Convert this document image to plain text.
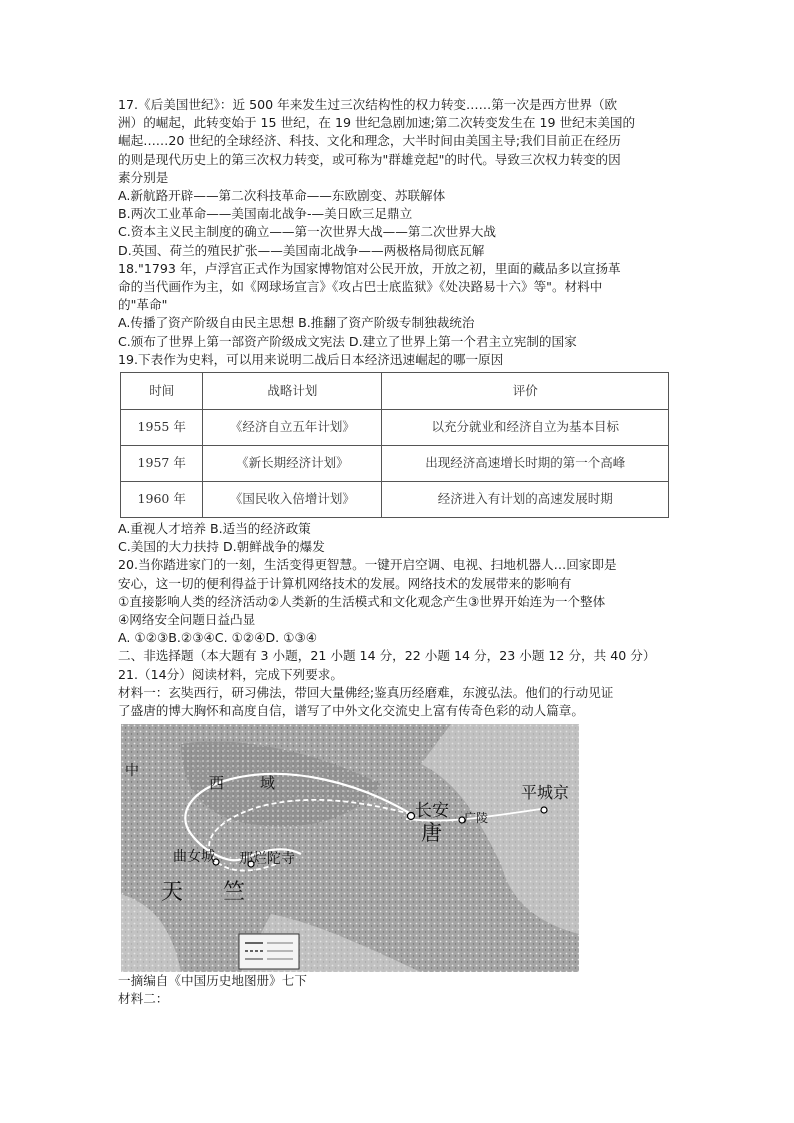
17.《后美国世纪》：近 500 年来发生过三次结构性的权力转变……第一次是西方世界（欧
洲）的崛起，此转变始于 15 世纪，在 19 世纪急剧加速;第二次转变发生在 19 世纪末美国的
崛起……20 世纪的全球经济、科技、文化和理念，大半时间由美国主导;我们目前正在经历
的则是现代历史上的第三次权力转变，或可称为"群雄竞起"的时代。导致三次权力转变的因
素分别是
A.新航路开辟——第二次科技革命——东欧剧变、苏联解体
B.两次工业革命——美国南北战争-—美日欧三足鼎立
C.资本主义民主制度的确立——第一次世界大战——第二次世界大战
D.英国、荷兰的殖民扩张——美国南北战争——两极格局彻底瓦解
18."1793 年，卢浮宫正式作为国家博物馆对公民开放，开放之初，里面的藏品多以宣扬革
命的当代画作为主，如《网球场宣言》《攻占巴士底监狱》《处决路易十六》等"。材料中
的"革命"
A.传播了资产阶级自由民主思想 B.推翻了资产阶级专制独裁统治
C.颁布了世界上第一部资产阶级成文宪法 D.建立了世界上第一个君主立宪制的国家
19.下表作为史料，可以用来说明二战后日本经济迅速崛起的哪一原因
时间	战略计划	评价
1955 年	《经济自立五年计划》	以充分就业和经济自立为基本目标
1957 年	《新长期经济计划》	出现经济高速增长时期的第一个高峰
1960 年	《国民收入倍增计划》	经济进入有计划的高速发展时期
A.重视人才培养 B.适当的经济政策
C.美国的大力扶持 D.朝鲜战争的爆发
20.当你踏进家门的一刻，生活变得更智慧。一键开启空调、电视、扫地机器人…回家即是
安心，这一切的便利得益于计算机网络技术的发展。网络技术的发展带来的影响有
①直接影响人类的经济活动②人类新的生活模式和文化观念产生③世界开始连为一个整体
④网络安全问题日益凸显
A. ①②③B.②③④C. ①②④D. ①③④
二、非选择题（本大题有 3 小题，21 小题 14 分，22 小题 14 分，23 小题 12 分，共 40 分）
21.（14分）阅读材料，完成下列要求。
材料一：玄奘西行，研习佛法，带回大量佛经;鉴真历经磨难，东渡弘法。他们的行动见证
了盛唐的博大胸怀和高度自信，谱写了中外文化交流史上富有传奇色彩的动人篇章。
中
西域
长安
唐
广陵
平城京
曲女城 那烂陀寺
天竺
一摘编自《中国历史地图册》七下
材料二：
